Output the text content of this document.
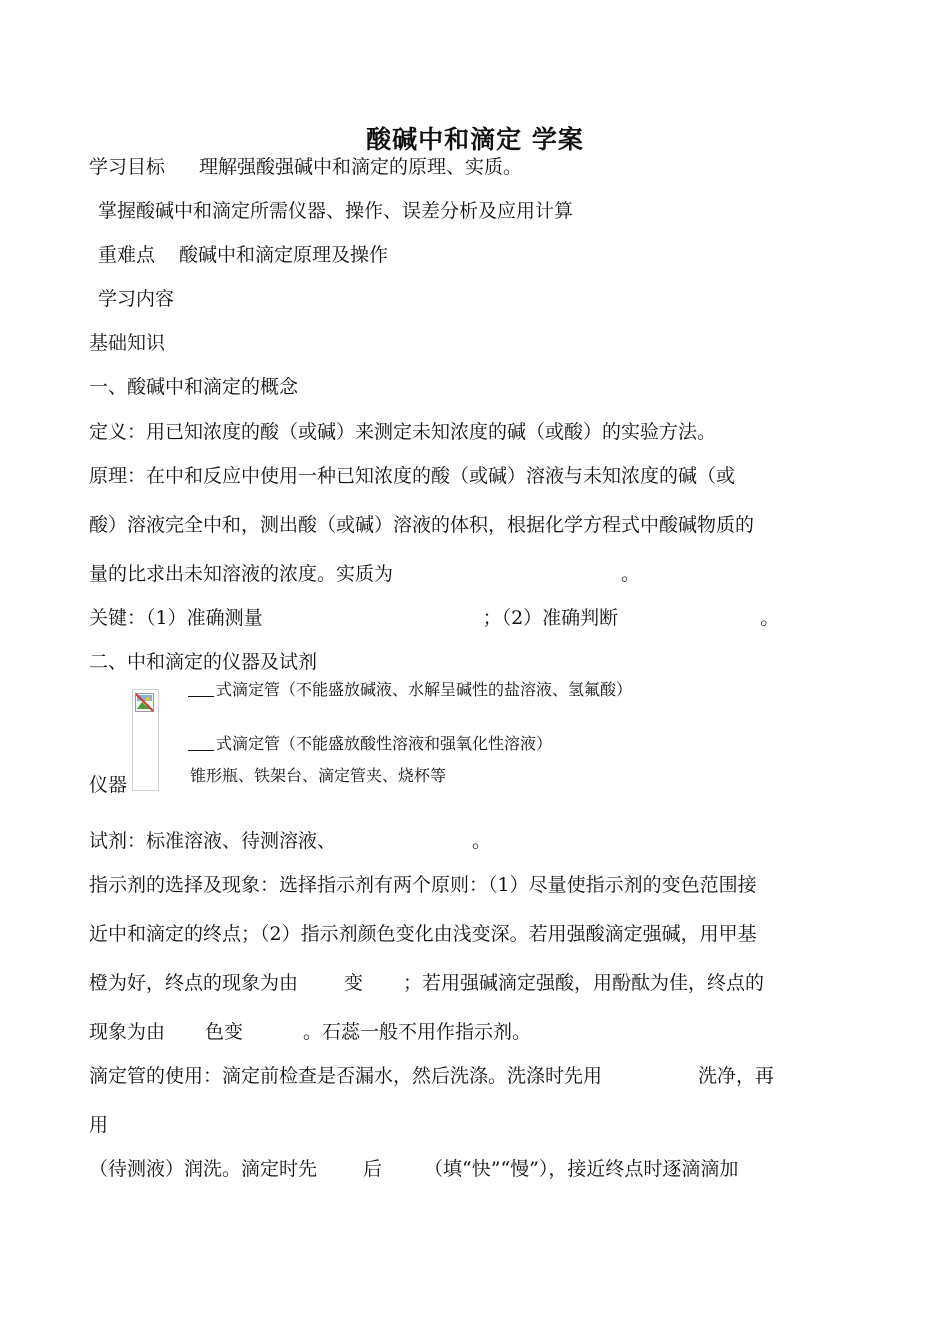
酸碱中和滴定 学案
学习目标 理解强酸强碱中和滴定的原理、实质。
掌握酸碱中和滴定所需仪器、操作、误差分析及应用计算
重难点 酸碱中和滴定原理及操作
学习内容
基础知识
一、酸碱中和滴定的概念
定义：用已知浓度的酸（或碱）来测定未知浓度的碱（或酸）的实验方法。
原理：在中和反应中使用一种已知浓度的酸（或碱）溶液与未知浓度的碱（或
酸）溶液完全中和，测出酸（或碱）溶液的体积，根据化学方程式中酸碱物质的
量的比求出未知溶液的浓度。实质为	。
关键：（1）准确测量	；（2）准确判断	。
二、中和滴定的仪器及试剂
式滴定管（不能盛放碱液、水解呈碱性的盐溶液、氢氟酸）
式滴定管（不能盛放酸性溶液和强氧化性溶液）
锥形瓶、铁架台、滴定管夹、烧杯等
仪器
试剂：标准溶液、待测溶液、	。
指示剂的选择及现象：选择指示剂有两个原则：（1）尽量使指示剂的变色范围接
近中和滴定的终点；（2）指示剂颜色变化由浅变深。若用强酸滴定强碱，用甲基
橙为好，终点的现象为由 变 ；若用强碱滴定强酸，用酚酞为佳，终点的
现象为由 色变	。石蕊一般不用作指示剂。
滴定管的使用：滴定前检查是否漏水，然后洗涤。洗涤时先用	洗净，再
用
（待测液）润洗。滴定时先 后 （填“快”“慢”），接近终点时逐滴滴加
